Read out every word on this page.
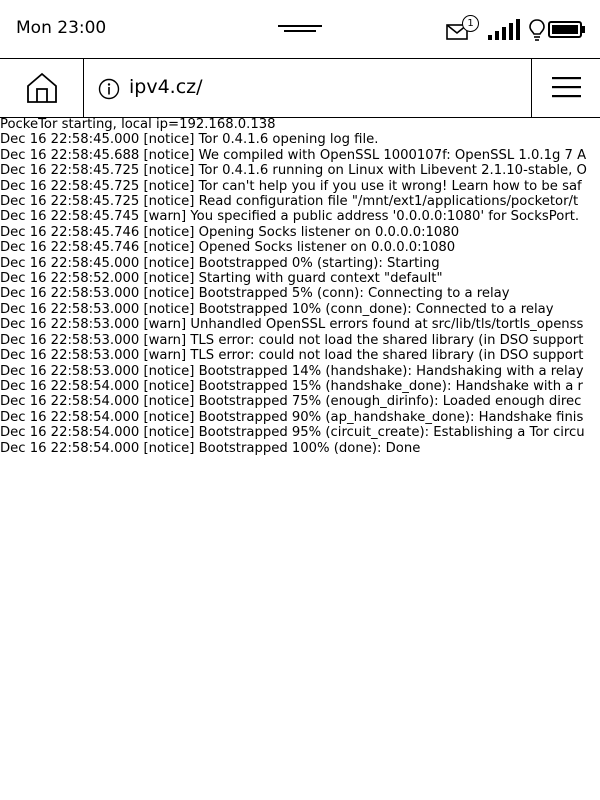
Mon 23:00	1
ipv4.cz/
PockeTor starting, local ip=192.168.0.138
Dec 16 22:58:45.000 [notice] Tor 0.4.1.6 opening log file.
Dec 16 22:58:45.688 [notice] We compiled with OpenSSL 1000107f: OpenSSL 1.0.1g 7 A
Dec 16 22:58:45.725 [notice] Tor 0.4.1.6 running on Linux with Libevent 2.1.10-stable, O
Dec 16 22:58:45.725 [notice] Tor can't help you if you use it wrong! Learn how to be saf
Dec 16 22:58:45.725 [notice] Read configuration file "/mnt/ext1/applications/pocketor/t
Dec 16 22:58:45.745 [warn] You specified a public address '0.0.0.0:1080' for SocksPort.
Dec 16 22:58:45.746 [notice] Opening Socks listener on 0.0.0.0:1080
Dec 16 22:58:45.746 [notice] Opened Socks listener on 0.0.0.0:1080
Dec 16 22:58:45.000 [notice] Bootstrapped 0% (starting): Starting
Dec 16 22:58:52.000 [notice] Starting with guard context "default"
Dec 16 22:58:53.000 [notice] Bootstrapped 5% (conn): Connecting to a relay
Dec 16 22:58:53.000 [notice] Bootstrapped 10% (conn_done): Connected to a relay
Dec 16 22:58:53.000 [warn] Unhandled OpenSSL errors found at src/lib/tls/tortls_openss
Dec 16 22:58:53.000 [warn] TLS error: could not load the shared library (in DSO support
Dec 16 22:58:53.000 [warn] TLS error: could not load the shared library (in DSO support
Dec 16 22:58:53.000 [notice] Bootstrapped 14% (handshake): Handshaking with a relay
Dec 16 22:58:54.000 [notice] Bootstrapped 15% (handshake_done): Handshake with a r
Dec 16 22:58:54.000 [notice] Bootstrapped 75% (enough_dirinfo): Loaded enough direc
Dec 16 22:58:54.000 [notice] Bootstrapped 90% (ap_handshake_done): Handshake finis
Dec 16 22:58:54.000 [notice] Bootstrapped 95% (circuit_create): Establishing a Tor circu
Dec 16 22:58:54.000 [notice] Bootstrapped 100% (done): Done
